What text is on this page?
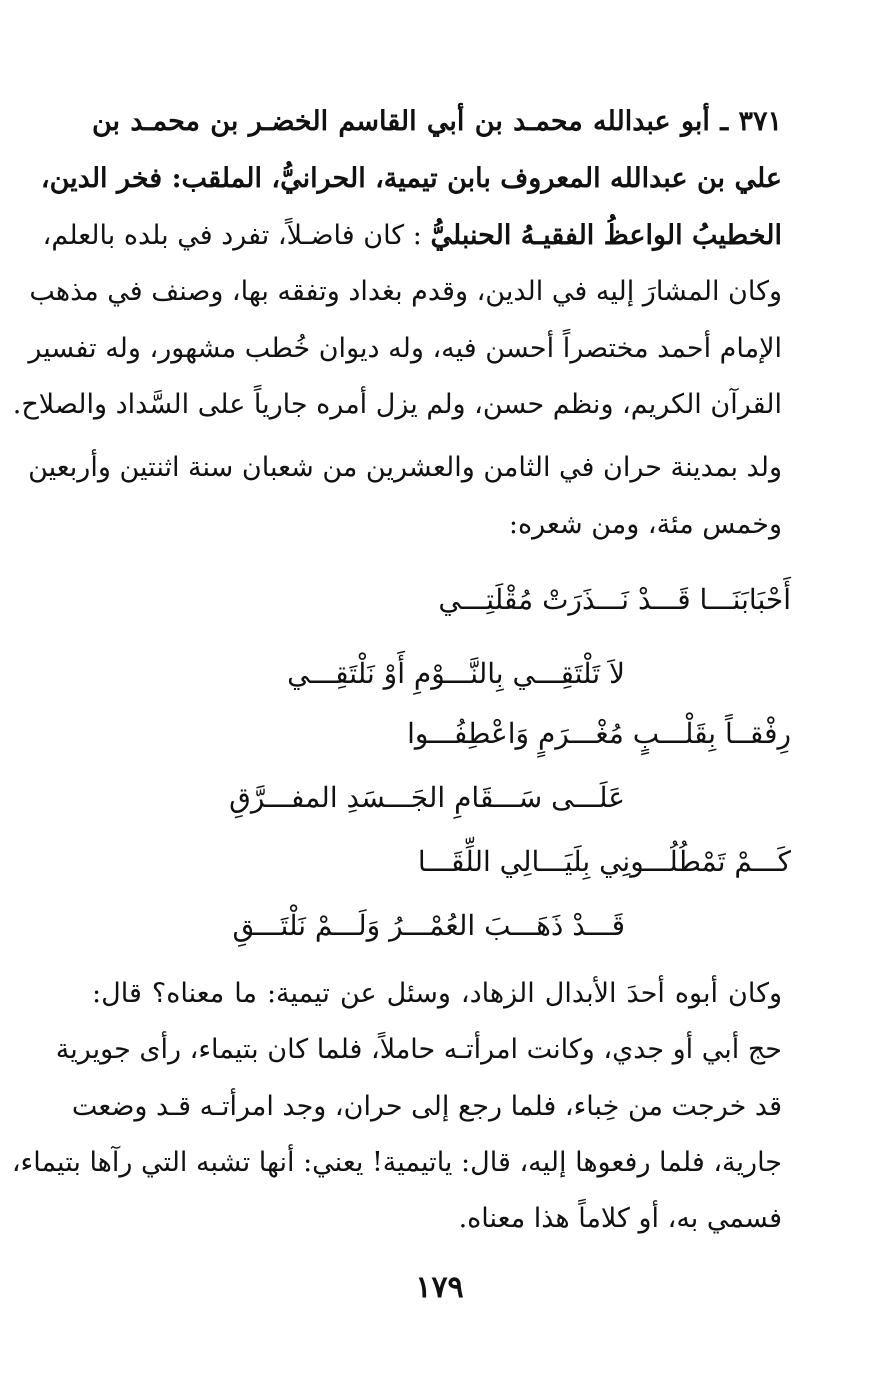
٣٧١ ـ أبو عبدالله محمـد بن أبي القاسم الخضـر بن محمـد بن
علي بن عبدالله المعروف بابن تيمية، الحرانيُّ، الملقب: فخر الدين،
الخطيبُ الواعظُ الفقيـهُ الحنبليُّ : كان فاضـلاً، تفرد في بلده بالعلم،
وكان المشارَ إليه في الدين، وقدم بغداد وتفقه بها، وصنف في مذهب
الإمام أحمد مختصراً أحسن فيه، وله ديوان خُطب مشهور، وله تفسير
القرآن الكريم، ونظم حسن، ولم يزل أمره جارياً على السَّداد والصلاح.
ولد بمدينة حران في الثامن والعشرين من شعبان سنة اثنتين وأربعين
وخمس مئة، ومن شعره:
أَحْبَابَنَـــا قَـــدْ نَـــذَرَتْ مُقْلَتِـــي
لاَ تَلْتَقِـــي بِالنَّـــوْمِ أَوْ نَلْتَقِـــي
رِفْقــاً بِقَلْـــبٍ مُغْـــرَمٍ وَاعْطِفُـــوا
عَلَـــى سَـــقَامِ الجَـــسَدِ المفـــرَّقِ
كَـــمْ تَمْطُلُـــونِي بِلَيَـــالِي اللِّقَـــا
قَـــدْ ذَهَـــبَ العُمْـــرُ وَلَـــمْ نَلْتَـــقِ
وكان أبوه أحدَ الأبدال الزهاد، وسئل عن تيمية: ما معناه؟ قال:
حج أبي أو جدي، وكانت امرأتـه حاملاً، فلما كان بتيماء، رأى جويرية
قد خرجت من خِباء، فلما رجع إلى حران، وجد امرأتـه قـد وضعت
جارية، فلما رفعوها إليه، قال: ياتيمية! يعني: أنها تشبه التي رآها بتيماء،
فسمي به، أو كلاماً هذا معناه.
١٧٩
